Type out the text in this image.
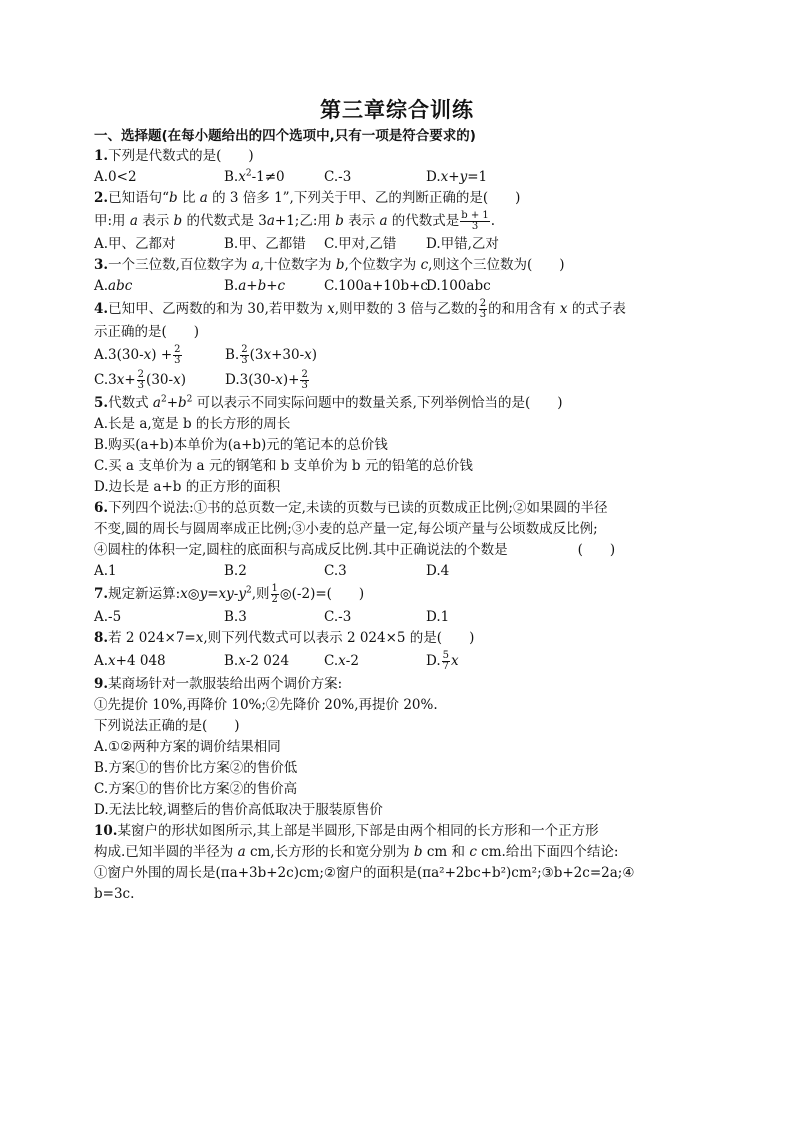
第三章综合训练
一、选择题(在每小题给出的四个选项中,只有一项是符合要求的)
1.下列是代数式的是(　　)
A.0<2	$B.x^2-1\ne 0$	C.-3	D.x+y=1
2.已知语句“b 比 a 的 3 倍多 1”,下列关于甲、乙的判断正确的是(　　)
甲:用 a 表示 b 的代数式是 3a+1;乙:用 b 表示 a 的代数式是 $\frac{b + 1}{3}$ .
A.甲、乙都对	B.甲、乙都错 C.甲对,乙错 D.甲错,乙对
3.一个三位数,百位数字为 a,十位数字为 b,个位数字为 c,则这个三位数为(　　)
A.abc	B.a+b+c	C.100a+10b+cD.100abc
4.已知甲、乙两数的和为 30,若甲数为 x,则甲数的 3 倍与乙数的 $\frac{2}{3}$ 的和用含有 x 的式子表
示正确的是(　　)
$A.3(30-x) + \frac{2}{3}$	B. $\frac{2}{3} (3x+30-x)$
$C.3x+ \frac{2}{3} (30-x)$	$D.3(30-x)+ \frac{2}{3}$
5.代数式 $a^2+b^2$ 可以表示不同实际问题中的数量关系,下列举例恰当的是(　　)
A.长是 a,宽是 b 的长方形的周长
B.购买(a+b)本单价为(a+b)元的笔记本的总价钱
C.买 a 支单价为 a 元的钢笔和 b 支单价为 b 元的铅笔的总价钱
D.边长是 a+b 的正方形的面积
6.下列四个说法:①书的总页数一定,未读的页数与已读的页数成正比例;②如果圆的半径
不变,圆的周长与圆周率成正比例;③小麦的总产量一定,每公顷产量与公顷数成反比例;
④圆柱的体积一定,圆柱的底面积与高成反比例.其中正确说法的个数是	(　　)
A.1	B.2	C.3	D.4
7.规定新运算$:x◎y=xy-y^2$,则 $\frac{1}{2}$ ◎(-2)=(　　)
A.-5	B.3	C.-3	D.1
8.若 2 024×7=x,则下列代数式可以表示 2 024×5 的是(　　)
A.x+4 048	B.x-2 024	C.x-2	D. $\frac{5}{7}$ x
9.某商场针对一款服装给出两个调价方案:
①先提价 10%,再降价 10%;②先降价 20%,再提价 20%.
下列说法正确的是(　　)
A.①②两种方案的调价结果相同
B.方案①的售价比方案②的售价低
C.方案①的售价比方案②的售价高
D.无法比较,调整后的售价高低取决于服装原售价
10.某窗户的形状如图所示,其上部是半圆形,下部是由两个相同的长方形和一个正方形
构成.已知半圆的半径为 a cm,长方形的长和宽分别为 b cm 和 c cm.给出下面四个结论:
①窗户外围的周长是(πa+3b+2c)cm;②窗户的面积是(πa²+2bc+b²)cm²;③b+2c=2a;④
b=3c.
